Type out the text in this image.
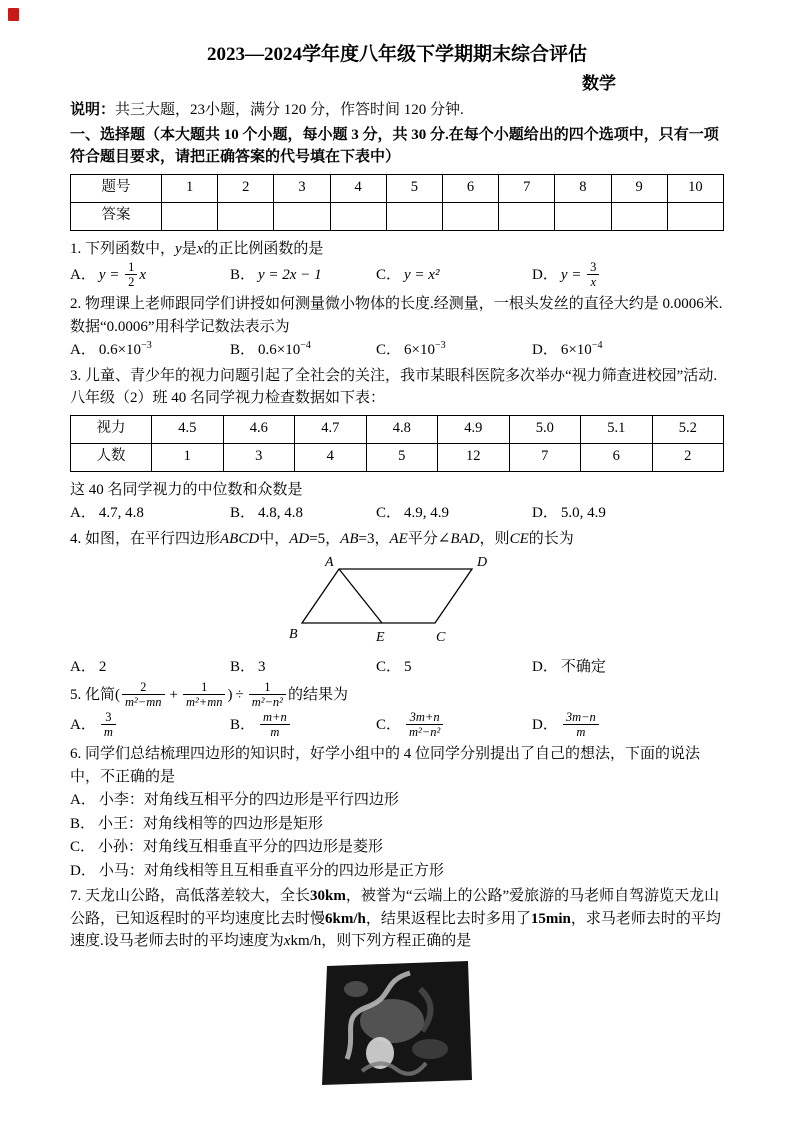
2023—2024学年度八年级下学期期末综合评估
数学

说明：共三大题，23小题，满分 120 分，作答时间 120 分钟.

一、选择题（本大题共 10 个小题，每小题 3 分，共 30 分.在每个小题给出的四个选项中，只有一项符合题目要求，请把正确答案的代号填在下表中）

题号	1	2	3	4	5	6	7	8	9	10
答案										

1. 下列函数中，y是x的正比例函数的是

A． $y = \frac{1}{2}$ x	B． y = 2x − 1	C． y = x²	D． $y = \frac{3}{x}$

2. 物理课上老师跟同学们讲授如何测量微小物体的长度.经测量，一根头发丝的直径大约是 0.0006米.数据“0.0006”用科学记数法表示为

A． $0.6\times 10^{-3}$	B． $0.6\times 10^{-4}$	C． $6\times 10^{-3}$	D． $6\times 10^{-4}$

3. 儿童、青少年的视力问题引起了全社会的关注，我市某眼科医院多次举办“视力筛查进校园”活动.八年级（2）班 40 名同学视力检查数据如下表：

视力	4.5	4.6	4.7	4.8	4.9	5.0	5.1	5.2
人数	1	3	4	5	12	7	6	2

这 40 名同学视力的中位数和众数是

A． 4.7, 4.8	B． 4.8, 4.8	C． 4.9, 4.9	D． 5.0, 4.9

4. 如图，在平行四边形ABCD中，AD=5，AB=3，AE平分∠BAD，则CE的长为

A	D
B	E	C
A． 2	B． 3	C． 5	D． 不确定

5. 化简( $\frac{2}{\text{m²−mn}} + \frac{1}{\text{m²+mn}}$ ) ÷ $\frac{1}{\text{m²−n²}}$ 的结果为

A． $\frac{3}{m}$	B． $\frac{m+n}{m}$	C． $\frac{3m+n}{\text{m²−n²}}$	D． $\frac{3m-n}{m}$

6. 同学们总结梳理四边形的知识时，好学小组中的 4 位同学分别提出了自己的想法，下面的说法中，不正确的是

A． 小李：对角线互相平分的四边形是平行四边形

B． 小王：对角线相等的四边形是矩形

C． 小孙：对角线互相垂直平分的四边形是菱形

D． 小马：对角线相等且互相垂直平分的四边形是正方形

7. 天龙山公路，高低落差较大，全长30km，被誉为“云端上的公路”爱旅游的马老师自驾游览天龙山公路，已知返程时的平均速度比去时慢6km/h，结果返程比去时多用了15min，求马老师去时的平均速度.设马老师去时的平均速度为xkm/h，则下列方程正确的是
